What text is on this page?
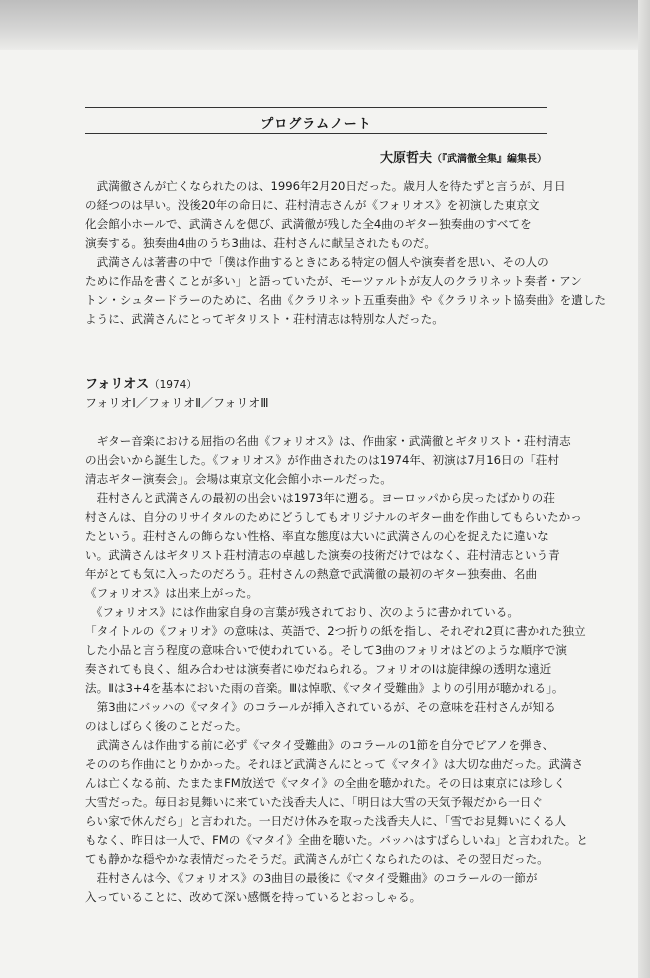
プログラムノート
大原哲夫（『武満徹全集』編集長）

　武満徹さんが亡くなられたのは、1996年2月20日だった。歳月人を待たずと言うが、月日
の経つのは早い。没後20年の命日に、荘村清志さんが《フォリオス》を初演した東京文
化会館小ホールで、武満さんを偲び、武満徹が残した全4曲のギター独奏曲のすべてを
演奏する。独奏曲4曲のうち3曲は、荘村さんに献呈されたものだ。

　武満さんは著書の中で「僕は作曲するときにある特定の個人や演奏者を思い、その人の
ために作品を書くことが多い」と語っていたが、モーツァルトが友人のクラリネット奏者・アン
トン・シュタードラーのために、名曲《クラリネット五重奏曲》や《クラリネット協奏曲》を遺した
ように、武満さんにとってギタリスト・荘村清志は特別な人だった。

フォリオス（1974）
フォリオⅠ／フォリオⅡ／フォリオⅢ

　ギター音楽における屈指の名曲《フォリオス》は、作曲家・武満徹とギタリスト・荘村清志
の出会いから誕生した。《フォリオス》が作曲されたのは1974年、初演は7月16日の「荘村
清志ギター演奏会」。会場は東京文化会館小ホールだった。

　荘村さんと武満さんの最初の出会いは1973年に遡る。ヨーロッパから戻ったばかりの荘
村さんは、自分のリサイタルのためにどうしてもオリジナルのギター曲を作曲してもらいたかっ
たという。荘村さんの飾らない性格、率直な態度は大いに武満さんの心を捉えたに違いな
い。武満さんはギタリスト荘村清志の卓越した演奏の技術だけではなく、荘村清志という青
年がとても気に入ったのだろう。荘村さんの熱意で武満徹の最初のギター独奏曲、名曲
《フォリオス》は出来上がった。

　《フォリオス》には作曲家自身の言葉が残されており、次のように書かれている。
「タイトルの《フォリオ》の意味は、英語で、2つ折りの紙を指し、それぞれ2頁に書かれた独立
した小品と言う程度の意味合いで使われている。そして3曲のフォリオはどのような順序で演
奏されても良く、組み合わせは演奏者にゆだねられる。フォリオのⅠは旋律線の透明な遠近
法。Ⅱは3+4を基本においた雨の音楽。Ⅲは悼歌、《マタイ受難曲》よりの引用が聴かれる」。

　第3曲にバッハの《マタイ》のコラールが挿入されているが、その意味を荘村さんが知る
のはしばらく後のことだった。

　武満さんは作曲する前に必ず《マタイ受難曲》のコラールの1節を自分でピアノを弾き、
そののち作曲にとりかかった。それほど武満さんにとって《マタイ》は大切な曲だった。武満さ
んは亡くなる前、たまたまFM放送で《マタイ》の全曲を聴かれた。その日は東京には珍しく
大雪だった。毎日お見舞いに来ていた浅香夫人に、「明日は大雪の天気予報だから一日ぐ
らい家で休んだら」と言われた。一日だけ休みを取った浅香夫人に、「雪でお見舞いにくる人
もなく、昨日は一人で、FMの《マタイ》全曲を聴いた。バッハはすばらしいね」と言われた。と
ても静かな穏やかな表情だったそうだ。武満さんが亡くなられたのは、その翌日だった。

　荘村さんは今、《フォリオス》の3曲目の最後に《マタイ受難曲》のコラールの一節が
入っていることに、改めて深い感慨を持っているとおっしゃる。
